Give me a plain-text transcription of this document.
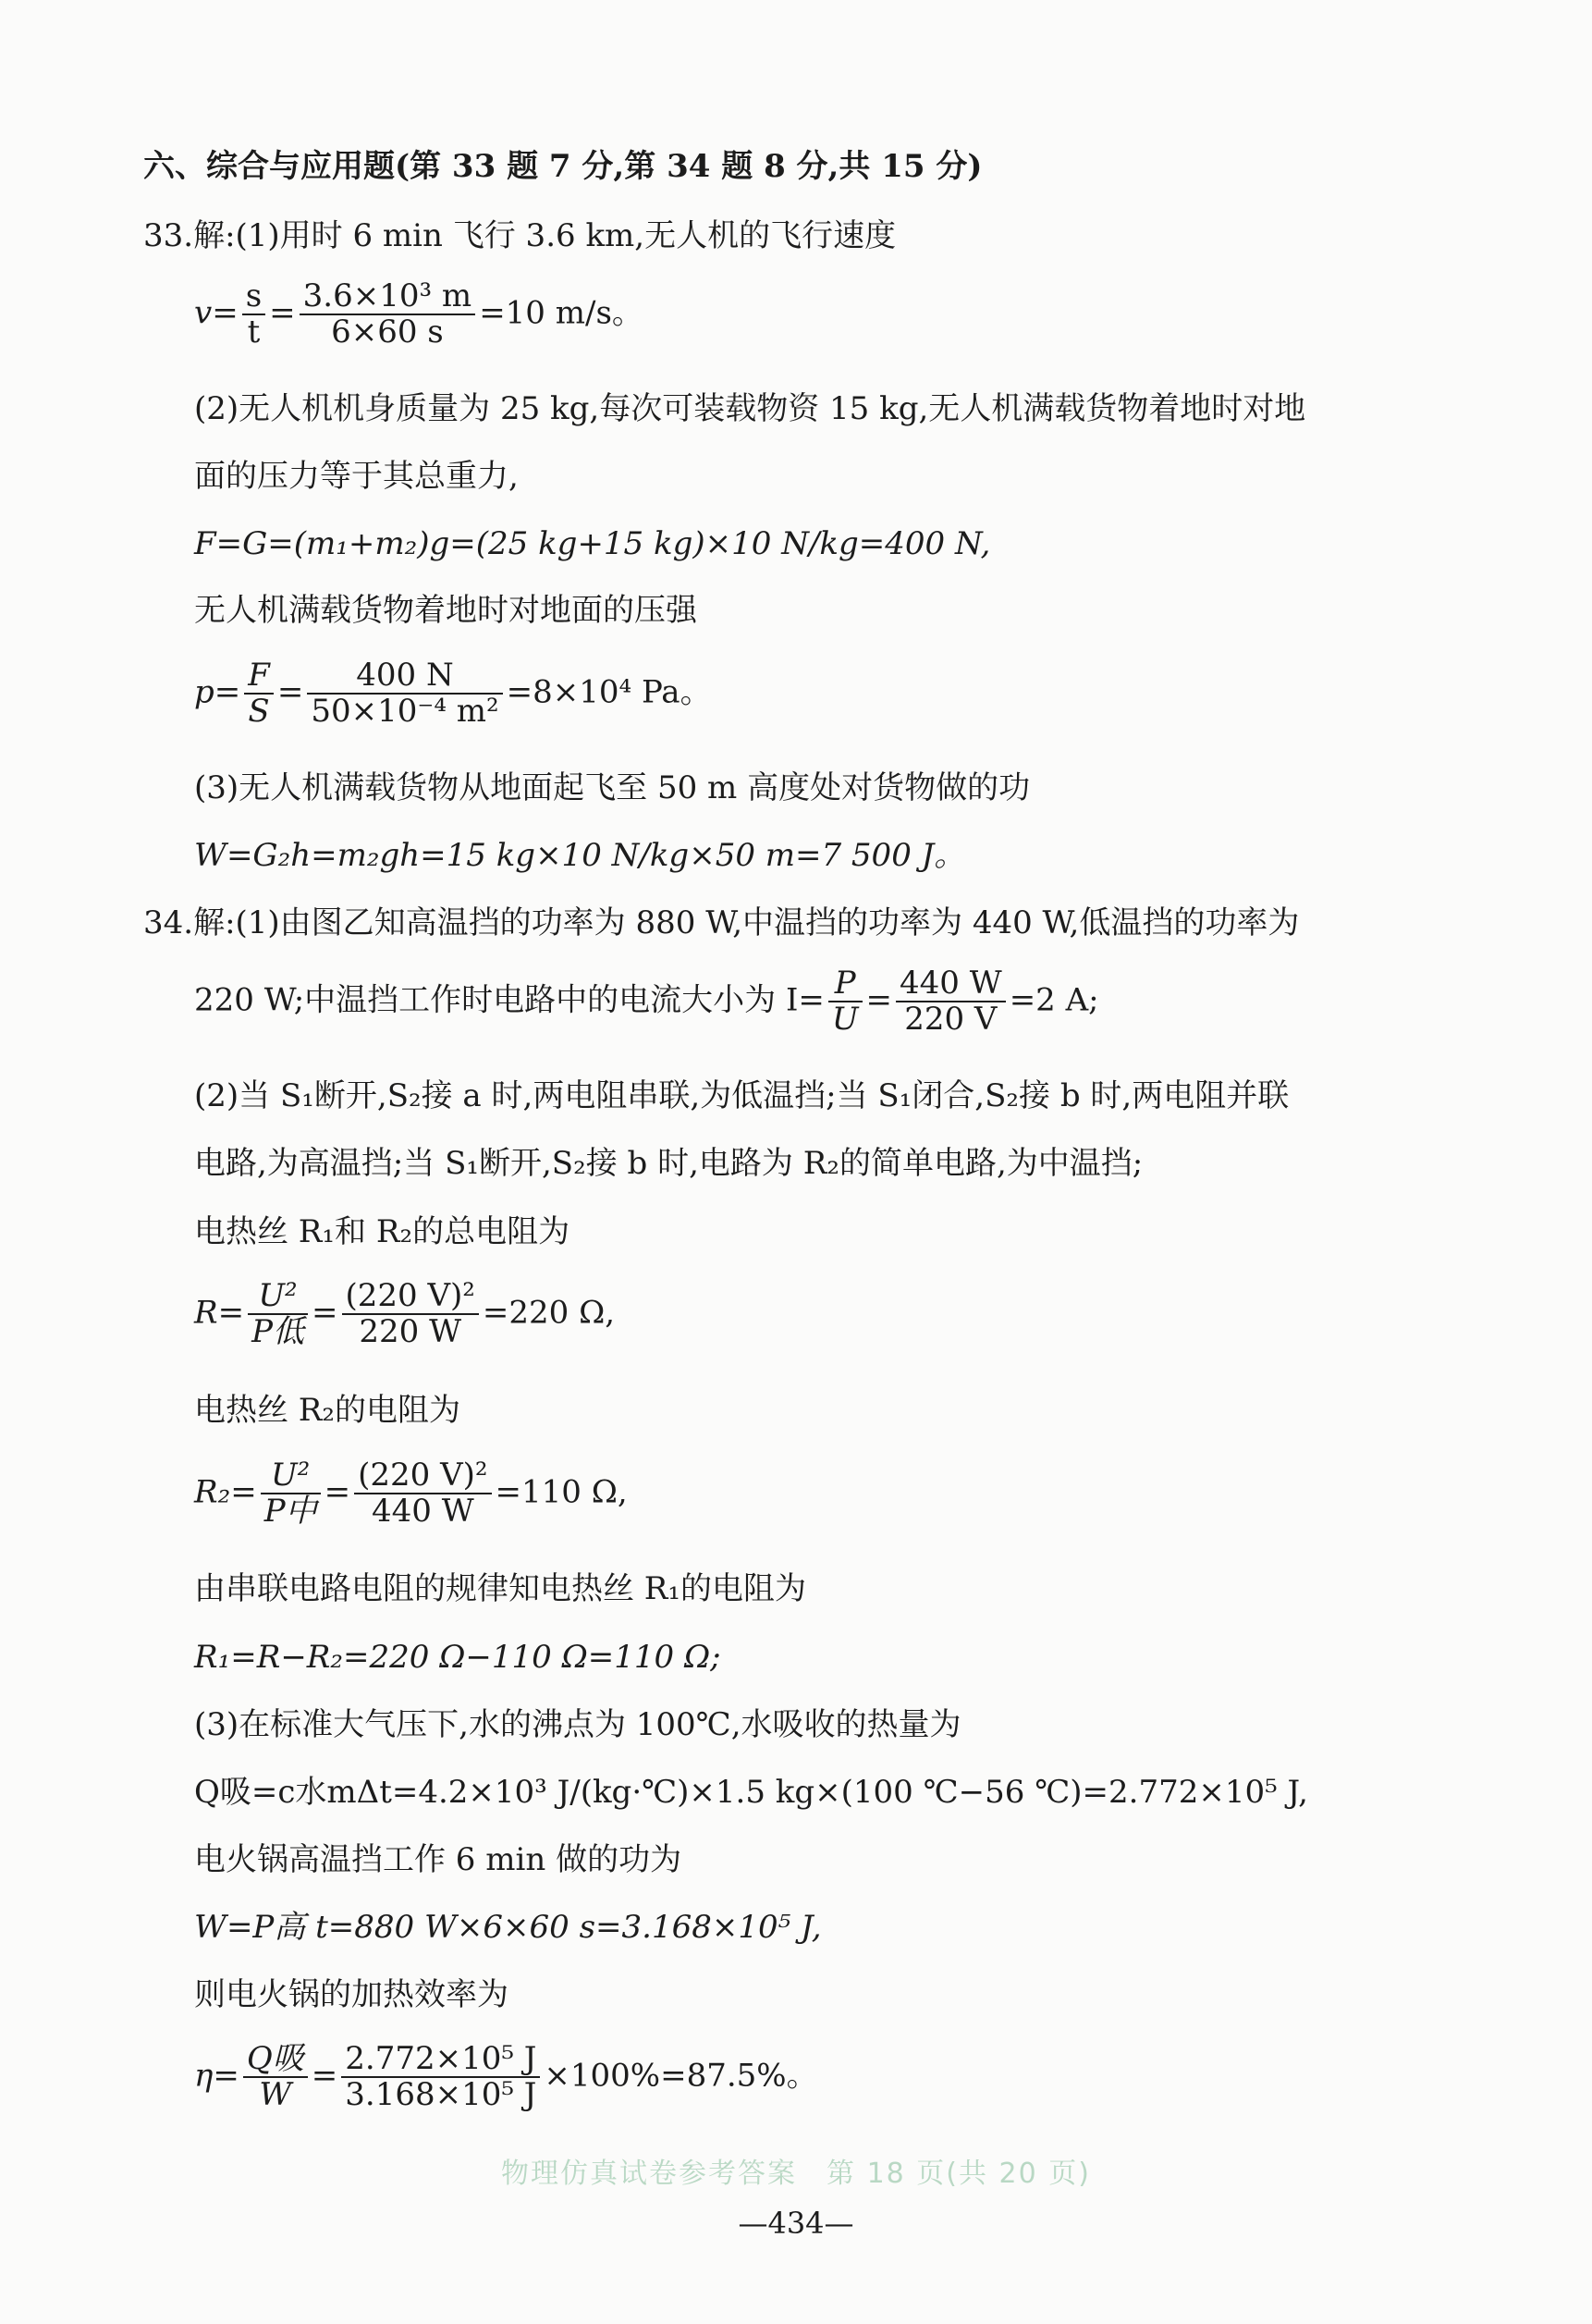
六、综合与应用题(第 33 题 7 分,第 34 题 8 分,共 15 分)
33.解:(1)用时 6 min 飞行 3.6 km,无人机的飞行速度
$v= \frac{s}{t} = \frac{\text{3.6×10³ m}}{6\times 60 s} =10$ m/s。
(2)无人机机身质量为 25 kg,每次可装载物资 15 kg,无人机满载货物着地时对地
面的压力等于其总重力,
F=G=(m₁+m₂)g=(25 kg+15 kg)×10 N/kg=400 N,
无人机满载货物着地时对地面的压强
$p= \frac{F}{S} = \frac{400 N}{\text{50×10⁻⁴ m²}} =8\times 10^4$ Pa。
(3)无人机满载货物从地面起飞至 50 m 高度处对货物做的功
W=G₂h=m₂gh=15 kg×10 N/kg×50 m=7 500 J。
34.解:(1)由图乙知高温挡的功率为 880 W,中温挡的功率为 440 W,低温挡的功率为
220 W;中温挡工作时电路中的电流大小为 $I= \frac{P}{U} = \frac{440 W}{220 V} =2$ A;
(2)当 S₁断开,S₂接 a 时,两电阻串联,为低温挡;当 S₁闭合,S₂接 b 时,两电阻并联
电路,为高温挡;当 S₁断开,S₂接 b 时,电路为 R₂的简单电路,为中温挡;
电热丝 R₁和 R₂的总电阻为
$R= \frac{\text{U²}}{\text{P低}} = \frac{\text{(220 V)²}}{220 W} =220$ Ω,
电热丝 R₂的电阻为
$R_2= \frac{\text{U²}}{\text{P中}} = \frac{\text{(220 V)²}}{440 W} =110$ Ω,
由串联电路电阻的规律知电热丝 R₁的电阻为
R₁=R−R₂=220 Ω−110 Ω=110 Ω;
(3)在标准大气压下,水的沸点为 100℃,水吸收的热量为
Q吸=c水mΔt=4.2×10³ J/(kg·℃)×1.5 kg×(100 ℃−56 ℃)=2.772×10⁵ J,
电火锅高温挡工作 6 min 做的功为
W=P高 t=880 W×6×60 s=3.168×10⁵ J,
则电火锅的加热效率为
$\eta= \frac{\text{Q吸}}{W} = \frac{\text{2.772×10⁵ J}}{\text{3.168×10⁵ J}} \times 100\%=87.5\%$。
物理仿真试卷参考答案　第 18 页(共 20 页)
—434—
